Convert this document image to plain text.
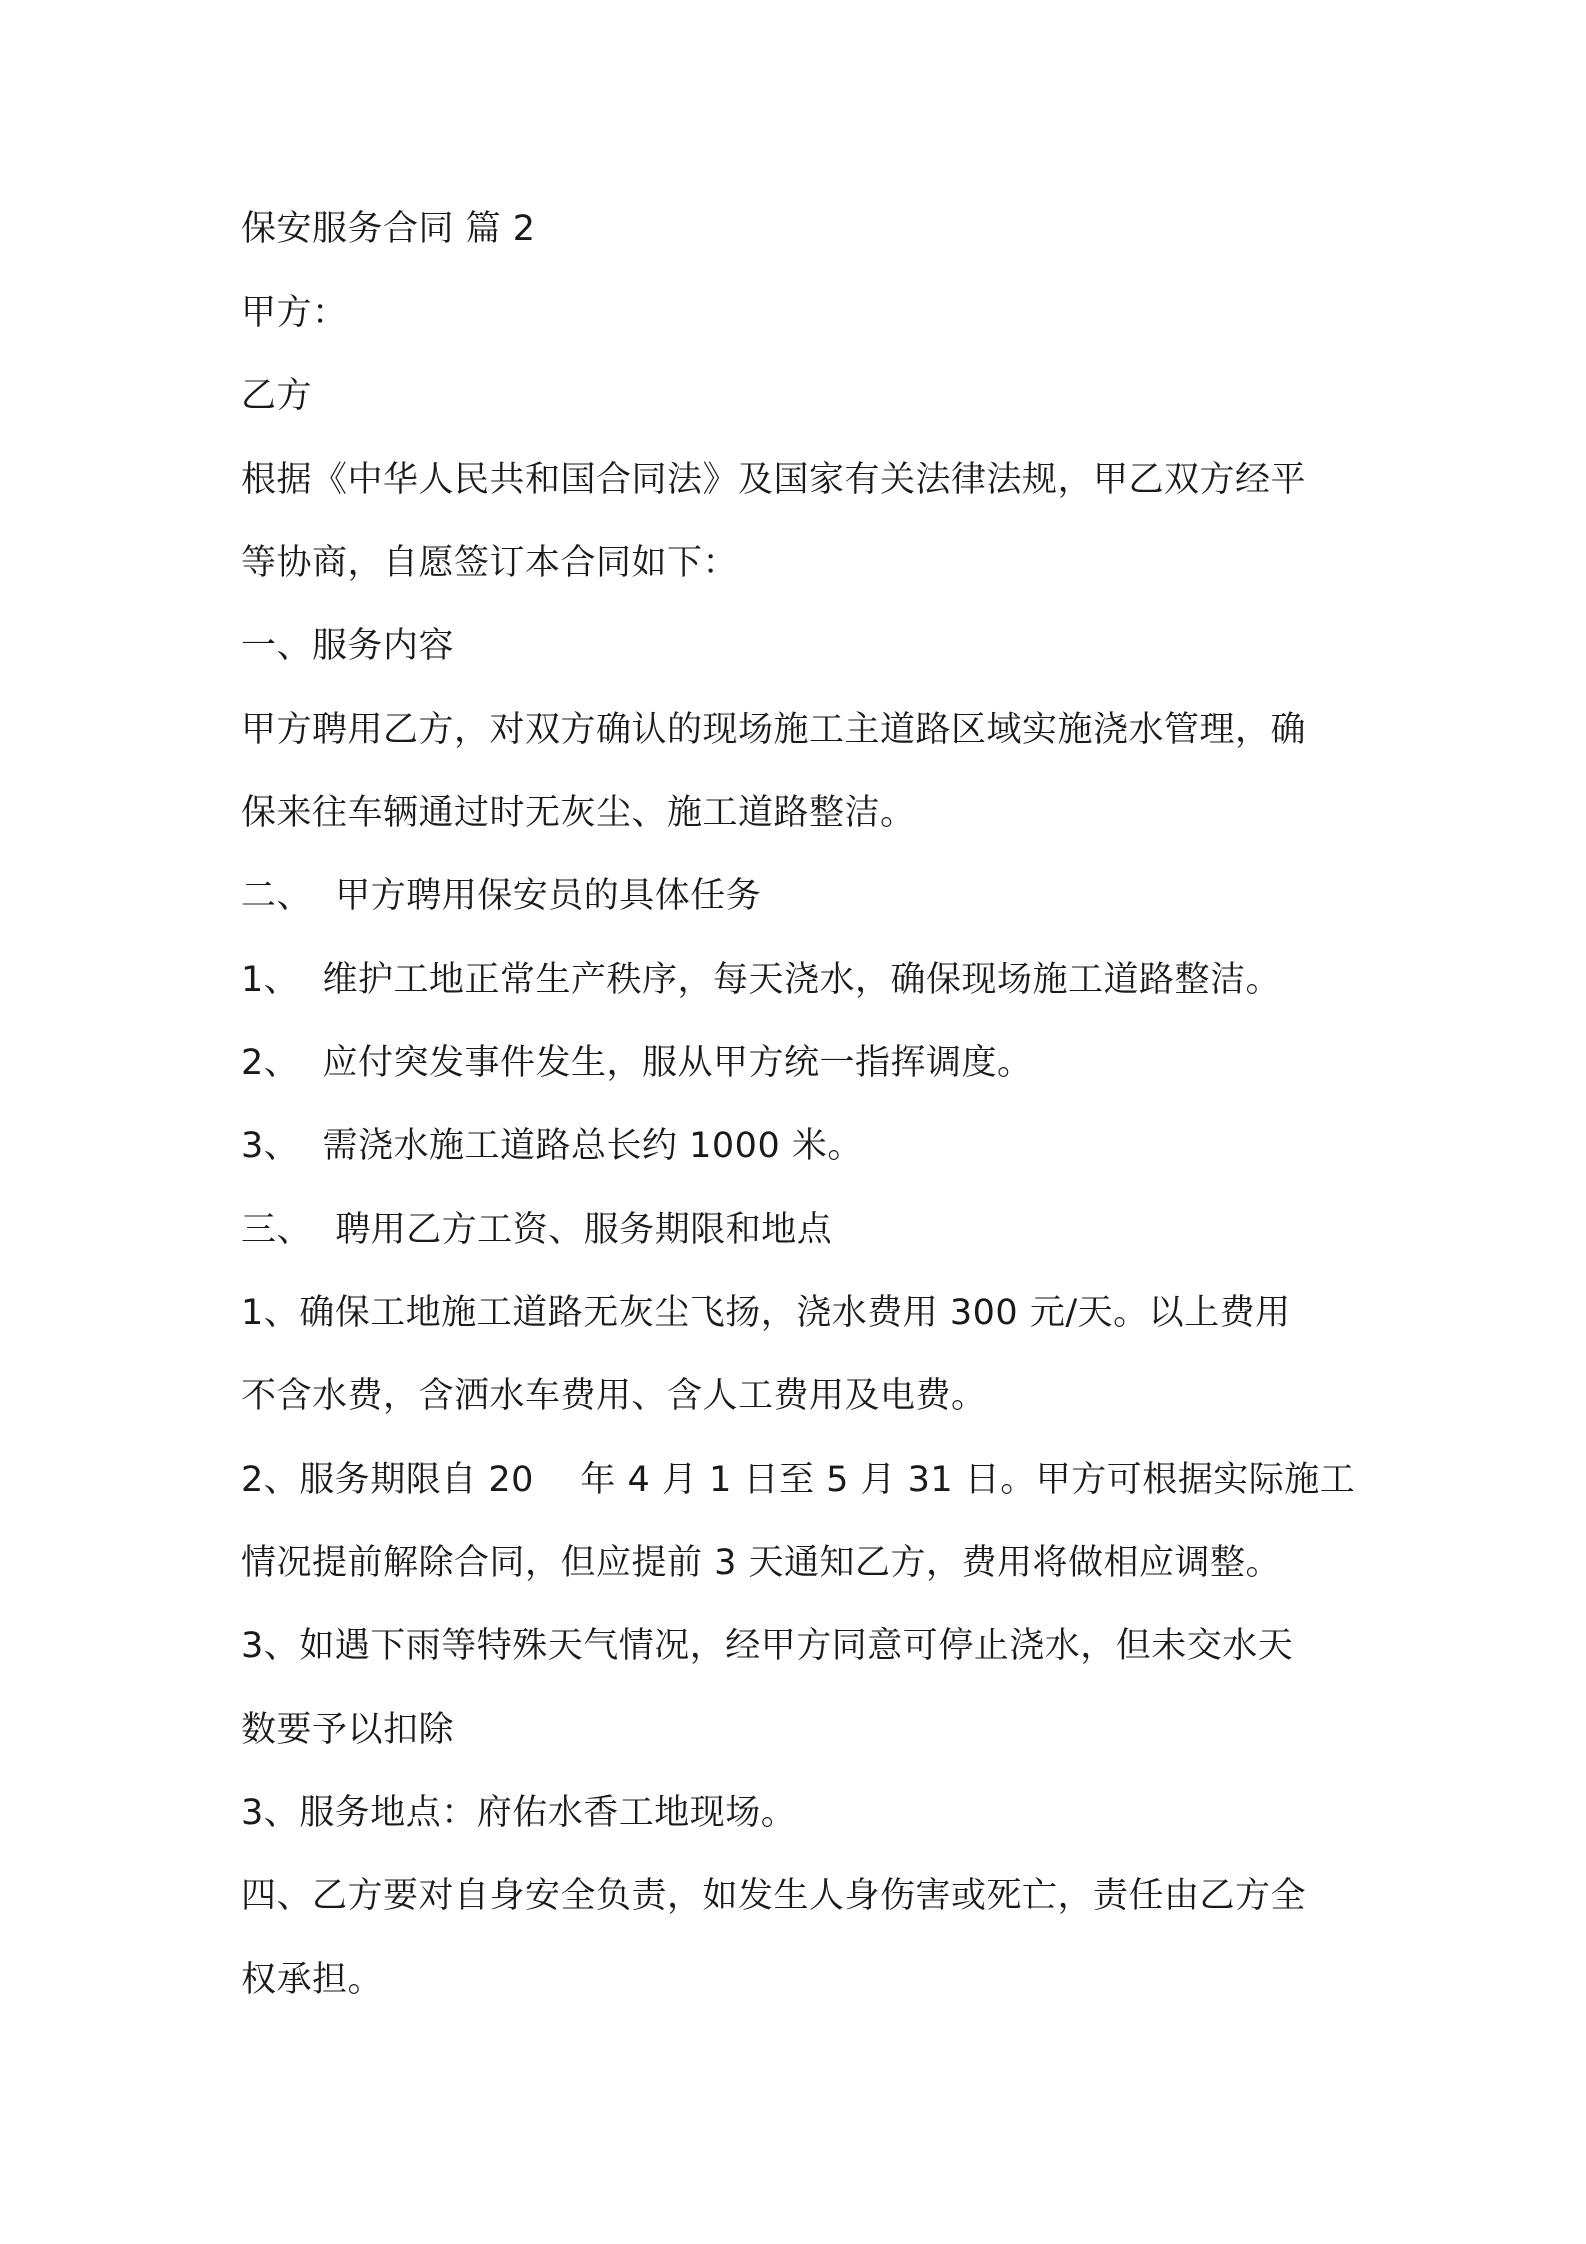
保安服务合同 篇 2
甲方：
乙方
根据《中华人民共和国合同法》及国家有关法律法规，甲乙双方经平
等协商，自愿签订本合同如下：
一、服务内容
甲方聘用乙方，对双方确认的现场施工主道路区域实施浇水管理，确
保来往车辆通过时无灰尘、施工道路整洁。
二、  甲方聘用保安员的具体任务
1、  维护工地正常生产秩序，每天浇水，确保现场施工道路整洁。
2、  应付突发事件发生，服从甲方统一指挥调度。
3、  需浇水施工道路总长约 1000 米。
三、  聘用乙方工资、服务期限和地点
1、确保工地施工道路无灰尘飞扬，浇水费用 300 元/天。以上费用
不含水费，含洒水车费用、含人工费用及电费。
2、服务期限自 20    年 4 月 1 日至 5 月 31 日。甲方可根据实际施工
情况提前解除合同，但应提前 3 天通知乙方，费用将做相应调整。
3、如遇下雨等特殊天气情况，经甲方同意可停止浇水，但未交水天
数要予以扣除
3、服务地点：府佑水香工地现场。
四、乙方要对自身安全负责，如发生人身伤害或死亡，责任由乙方全
权承担。
